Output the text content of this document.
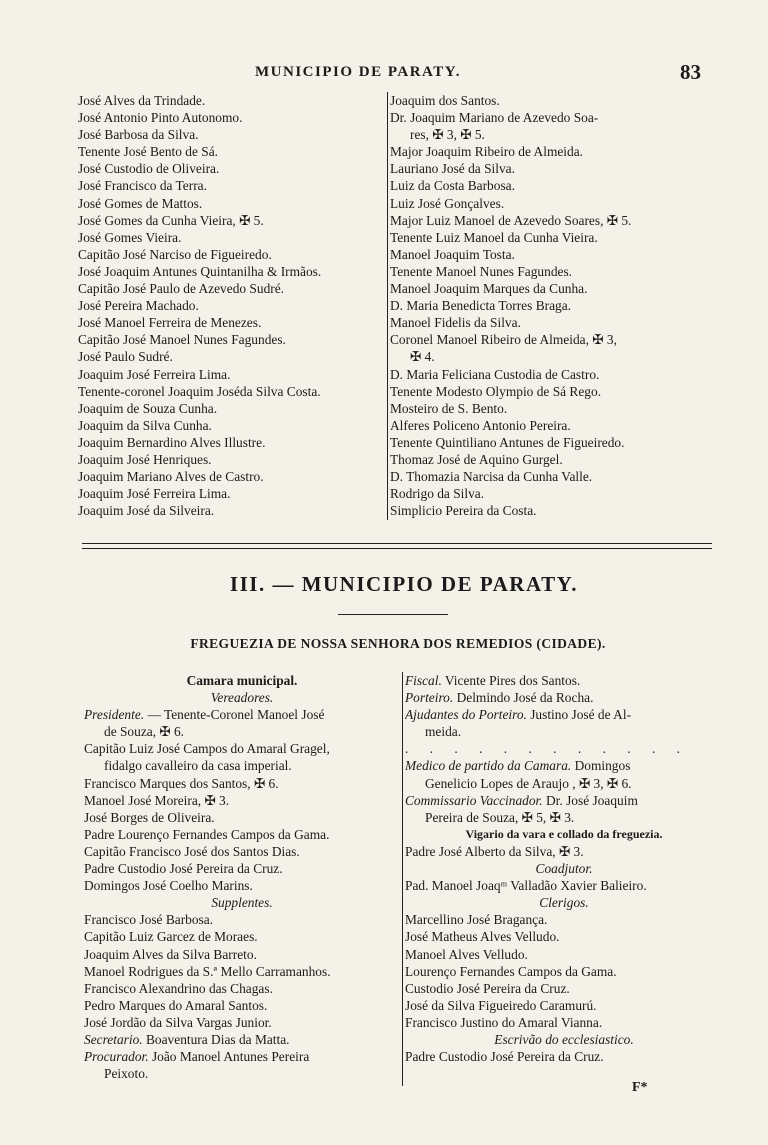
MUNICIPIO DE PARATY.	83
José Alves da Trindade.
José Antonio Pinto Autonomo.
José Barbosa da Silva.
Tenente José Bento de Sá.
José Custodio de Oliveira.
José Francisco da Terra.
José Gomes de Mattos.
José Gomes da Cunha Vieira, ✠ 5.
José Gomes Vieira.
Capitão José Narciso de Figueiredo.
José Joaquim Antunes Quintanilha & Irmãos.
Capitão José Paulo de Azevedo Sudré.
José Pereira Machado.
José Manoel Ferreira de Menezes.
Capitão José Manoel Nunes Fagundes.
José Paulo Sudré.
Joaquim José Ferreira Lima.
Tenente-coronel Joaquim Josédа Silva Costa.
Joaquim de Souza Cunha.
Joaquim da Silva Cunha.
Joaquim Bernardino Alves Illustre.
Joaquim José Henriques.
Joaquim Mariano Alves de Castro.
Joaquim José Ferreira Lima.
Joaquim José da Silveira.
Joaquim dos Santos.
Dr. Joaquim Mariano de Azevedo Soa-
res, ✠ 3, ✠ 5.
Major Joaquim Ribeiro de Almeida.
Lauriano José da Silva.
Luiz da Costa Barbosa.
Luiz José Gonçalves.
Major Luiz Manoel de Azevedo Soares, ✠ 5.
Tenente Luiz Manoel da Cunha Vieira.
Manoel Joaquim Tosta.
Tenente Manoel Nunes Fagundes.
Manoel Joaquim Marques da Cunha.
D. Maria Benedicta Torres Braga.
Manoel Fidelis da Silva.
Coronel Manoel Ribeiro de Almeida, ✠ 3,
✠ 4.
D. Maria Feliciana Custodia de Castro.
Tenente Modesto Olympio de Sá Rego.
Mosteiro de S. Bento.
Alferes Policeno Antonio Pereira.
Tenente Quintiliano Antunes de Figueiredo.
Thomaz José de Aquino Gurgel.
D. Thomazia Narcisa da Cunha Valle.
Rodrigo da Silva.
Simplicio Pereira da Costa.
III. — MUNICIPIO DE PARATY.
FREGUEZIA DE NOSSA SENHORA DOS REMEDIOS (CIDADE).
Camara municipal.
Vereadores.
Presidente. — Tenente-Coronel Manoel José
de Souza, ✠ 6.
Capitão Luiz José Campos do Amaral Gragel,
fidalgo cavalleiro da casa imperial.
Francisco Marques dos Santos, ✠ 6.
Manoel José Moreira, ✠ 3.
José Borges de Oliveira.
Padre Lourenço Fernandes Campos da Gama.
Capitão Francisco José dos Santos Dias.
Padre Custodio José Pereira da Cruz.
Domingos José Coelho Marins.
Supplentes.
Francisco José Barbosa.
Capitão Luiz Garcez de Moraes.
Joaquim Alves da Silva Barreto.
Manoel Rodrigues da S.ª Mello Carramanhos.
Francisco Alexandrino das Chagas.
Pedro Marques do Amaral Santos.
José Jordão da Silva Vargas Junior.
Secretario. Boaventura Dias da Matta.
Procurador. João Manoel Antunes Pereira
Peixoto.
Fiscal. Vicente Pires dos Santos.
Porteiro. Delmindo José da Rocha.
Ajudantes do Porteiro. Justino José de Al-
meida.
. . . . . . . . . . . .
Medico de partido da Camara. Domingos
Genelicio Lopes de Araujo , ✠ 3, ✠ 6.
Commissario Vaccinador. Dr. José Joaquim
Pereira de Souza, ✠ 5, ✠ 3.
Vigario da vara e collado da freguezia.
Padre José Alberto da Silva, ✠ 3.
Coadjutor.
Pad. Manoel Joaqᵐ Valladão Xavier Balieiro.
Clerigos.
Marcellino José Bragança.
José Matheus Alves Velludo.
Manoel Alves Velludo.
Lourenço Fernandes Campos da Gama.
Custodio José Pereira da Cruz.
José da Silva Figueiredo Caramurú.
Francisco Justino do Amaral Vianna.
Escrivão do ecclesiastico.
Padre Custodio José Pereira da Cruz.
F*
